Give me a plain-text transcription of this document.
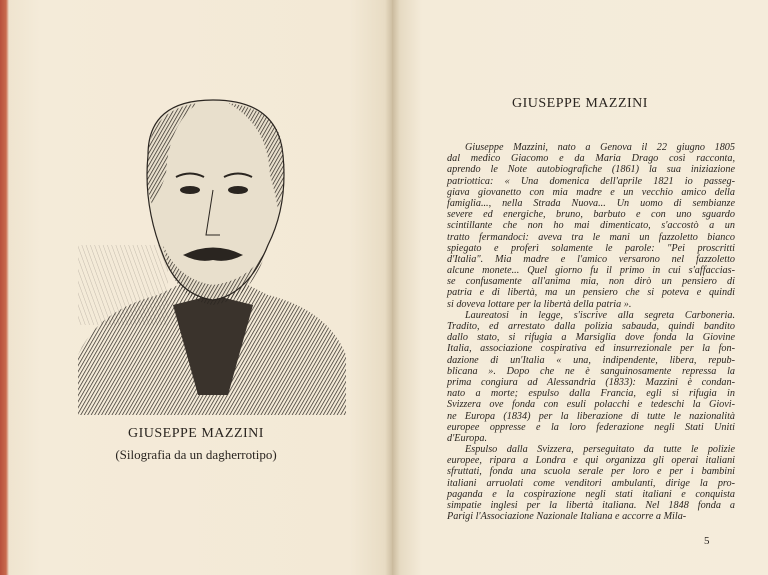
GIUSEPPE MAZZINI
(Silografia da un dagherrotipo)
GIUSEPPE MAZZINI
Giuseppe Mazzini, nato a Genova il 22 giugno 1805
dal medico Giacomo e da Maria Drago così racconta,
aprendo le Note autobiografiche (1861) la sua iniziazione
patriottica: « Una domenica dell'aprile 1821 io passeg-
giava giovanetto con mia madre e un vecchio amico della
famiglia..., nella Strada Nuova... Un uomo di sembianze
severe ed energiche, bruno, barbuto e con uno sguardo
scintillante che non ho mai dimenticato, s'accostò a un
tratto fermandoci: aveva tra le mani un fazzoletto bianco
spiegato e proferì solamente le parole: "Pei proscritti
d'Italia". Mia madre e l'amico versarono nel fazzoletto
alcune monete... Quel giorno fu il primo in cui s'affaccias-
se confusamente all'anima mia, non dirò un pensiero di
patria e di libertà, ma un pensiero che si poteva e quindi
si doveva lottare per la libertà della patria ».
Laureatosi in legge, s'iscrive alla segreta Carboneria.
Tradito, ed arrestato dalla polizia sabauda, quindi bandito
dallo stato, si rifugia a Marsiglia dove fonda la Giovine
Italia, associazione cospirativa ed insurrezionale per la fon-
dazione di un'Italia « una, indipendente, libera, repub-
blicana ». Dopo che ne è sanguinosamente repressa la
prima congiura ad Alessandria (1833): Mazzini è condan-
nato a morte; espulso dalla Francia, egli si rifugia in
Svizzera ove fonda con esuli polacchi e tedeschi la Giovi-
ne Europa (1834) per la liberazione di tutte le nazionalità
europee oppresse e la loro federazione negli Stati Uniti
d'Europa.
Espulso dalla Svizzera, perseguitato da tutte le polizie
europee, ripara a Londra e qui organizza gli operai italiani
sfruttati, fonda una scuola serale per loro e per i bambini
italiani arruolati come venditori ambulanti, dirige la pro-
paganda e la cospirazione negli stati italiani e conquista
simpatie inglesi per la libertà italiana. Nel 1848 fonda a
Parigi l'Associazione Nazionale Italiana e accorre a Mila-
5
